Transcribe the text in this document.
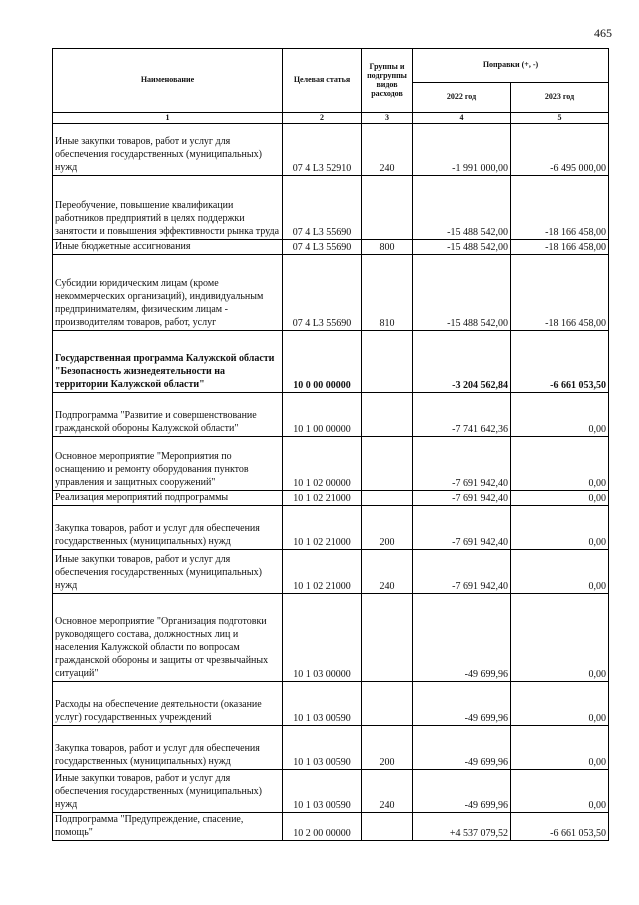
465
Наименование	Целевая статья	Группы и подгруппы видов расходов	Поправки (+, -)	
			2022 год	2023 год
1	2	3	4	5
Иные закупки товаров, работ и услуг для обеспечения государственных (муниципальных) нужд	07 4 L3 52910	240	-1 991 000,00	-6 495 000,00
Переобучение, повышение квалификации работников предприятий в целях поддержки занятости и повышения эффективности рынка труда	07 4 L3 55690		-15 488 542,00	-18 166 458,00
Иные бюджетные ассигнования	07 4 L3 55690	800	-15 488 542,00	-18 166 458,00
Субсидии юридическим лицам (кроме некоммерческих организаций), индивидуальным предпринимателям, физическим лицам - производителям товаров, работ, услуг	07 4 L3 55690	810	-15 488 542,00	-18 166 458,00
Государственная программа Калужской области "Безопасность жизнедеятельности на территории Калужской области"	10 0 00 00000		-3 204 562,84	-6 661 053,50
Подпрограмма "Развитие и совершенствование гражданской обороны Калужской области"	10 1 00 00000		-7 741 642,36	0,00
Основное мероприятие "Мероприятия по оснащению и ремонту оборудования пунктов управления и защитных сооружений"	10 1 02 00000		-7 691 942,40	0,00
Реализация мероприятий подпрограммы	10 1 02 21000		-7 691 942,40	0,00
Закупка товаров, работ и услуг для обеспечения государственных (муниципальных) нужд	10 1 02 21000	200	-7 691 942,40	0,00
Иные закупки товаров, работ и услуг для обеспечения государственных (муниципальных) нужд	10 1 02 21000	240	-7 691 942,40	0,00
Основное мероприятие "Организация подготовки руководящего состава, должностных лиц и населения Калужской области по вопросам гражданской обороны и защиты от чрезвычайных ситуаций"	10 1 03 00000		-49 699,96	0,00
Расходы на обеспечение деятельности (оказание услуг) государственных учреждений	10 1 03 00590		-49 699,96	0,00
Закупка товаров, работ и услуг для обеспечения государственных (муниципальных) нужд	10 1 03 00590	200	-49 699,96	0,00
Иные закупки товаров, работ и услуг для обеспечения государственных (муниципальных) нужд	10 1 03 00590	240	-49 699,96	0,00
Подпрограмма "Предупреждение, спасение, помощь"	10 2 00 00000		+4 537 079,52	-6 661 053,50
